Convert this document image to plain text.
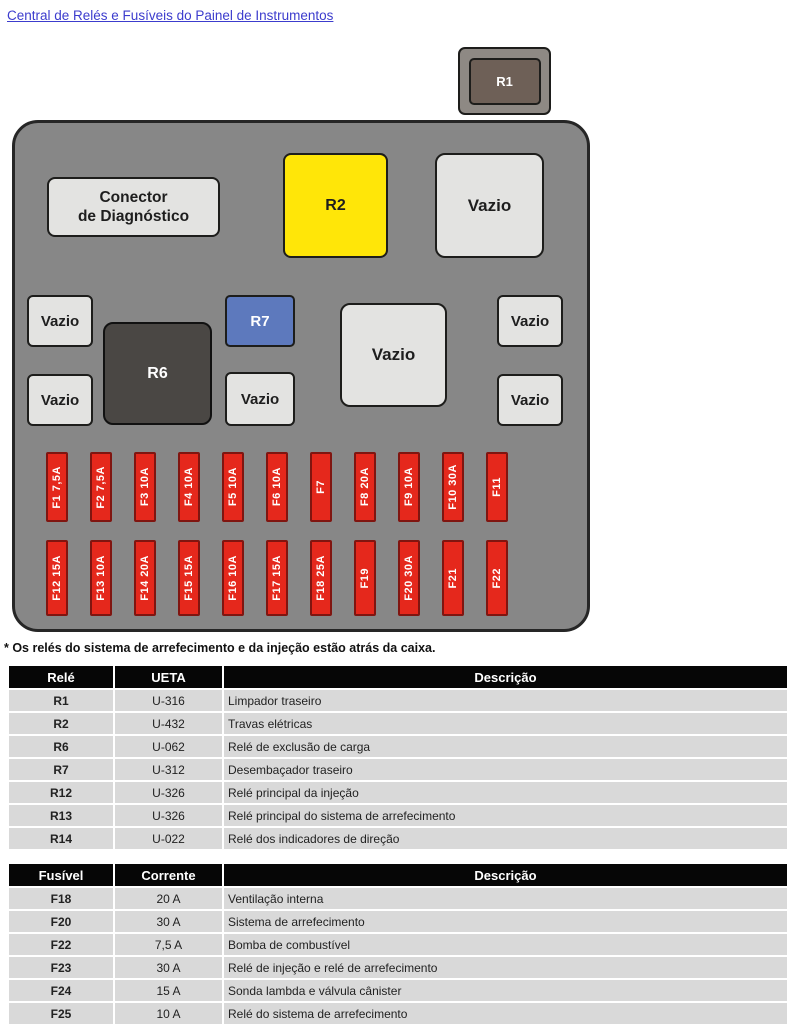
Central de Relés e Fusíveis do Painel de Instrumentos
R1
Conector
de Diagnóstico
R2	Vazio
Vazio
Vazio
R6
R7
Vazio
Vazio
Vazio
Vazio
F1 7,5A	F2 7,5A	F3 10A	F4 10A	F5 10A	F6 10A	F7	F8 20A	F9 10A	F10 30A	F11
F12 15A	F13 10A	F14 20A	F15 15A	F16 10A	F17 15A	F18 25A	F19	F20 30A	F21	F22
* Os relés do sistema de arrefecimento e da injeção estão atrás da caixa.
Relé	UETA	Descrição
R1	U-316	Limpador traseiro
R2	U-432	Travas elétricas
R6	U-062	Relé de exclusão de carga
R7	U-312	Desembaçador traseiro
R12	U-326	Relé principal da injeção
R13	U-326	Relé principal do sistema de arrefecimento
R14	U-022	Relé dos indicadores de direção
Fusível	Corrente	Descrição
F18	20 A	Ventilação interna
F20	30 A	Sistema de arrefecimento
F22	7,5 A	Bomba de combustível
F23	30 A	Relé de injeção e relé de arrefecimento
F24	15 A	Sonda lambda e válvula cânister
F25	10 A	Relé do sistema de arrefecimento
